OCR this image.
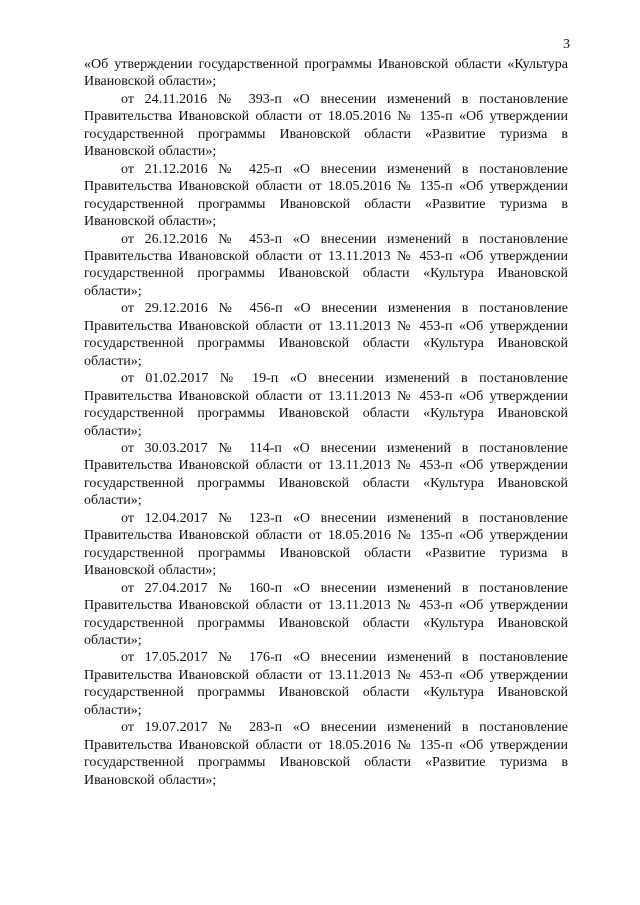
3

«Об утверждении государственной программы Ивановской области «Культура Ивановской области»;

от 24.11.2016 № 393-п «О внесении изменений в постановление Правительства Ивановской области от 18.05.2016 № 135-п «Об утверждении государственной программы Ивановской области «Развитие туризма в Ивановской области»;

от 21.12.2016 № 425-п «О внесении изменений в постановление Правительства Ивановской области от 18.05.2016 № 135-п «Об утверждении государственной программы Ивановской области «Развитие туризма в Ивановской области»;

от 26.12.2016 № 453-п «О внесении изменений в постановление Правительства Ивановской области от 13.11.2013 № 453-п «Об утверждении государственной программы Ивановской области «Культура Ивановской области»;

от 29.12.2016 № 456-п «О внесении изменения в постановление Правительства Ивановской области от 13.11.2013 № 453-п «Об утверждении государственной программы Ивановской области «Культура Ивановской области»;

от 01.02.2017 № 19-п «О внесении изменений в постановление Правительства Ивановской области от 13.11.2013 № 453-п «Об утверждении государственной программы Ивановской области «Культура Ивановской области»;

от 30.03.2017 № 114-п «О внесении изменений в постановление Правительства Ивановской области от 13.11.2013 № 453-п «Об утверждении государственной программы Ивановской области «Культура Ивановской области»;

от 12.04.2017 № 123-п «О внесении изменений в постановление Правительства Ивановской области от 18.05.2016 № 135-п «Об утверждении государственной программы Ивановской области «Развитие туризма в Ивановской области»;

от 27.04.2017 № 160-п «О внесении изменений в постановление Правительства Ивановской области от 13.11.2013 № 453-п «Об утверждении государственной программы Ивановской области «Культура Ивановской области»;

от 17.05.2017 № 176-п «О внесении изменений в постановление Правительства Ивановской области от 13.11.2013 № 453-п «Об утверждении государственной программы Ивановской области «Культура Ивановской области»;

от 19.07.2017 № 283-п «О внесении изменений в постановление Правительства Ивановской области от 18.05.2016 № 135-п «Об утверждении государственной программы Ивановской области «Развитие туризма в Ивановской области»;
